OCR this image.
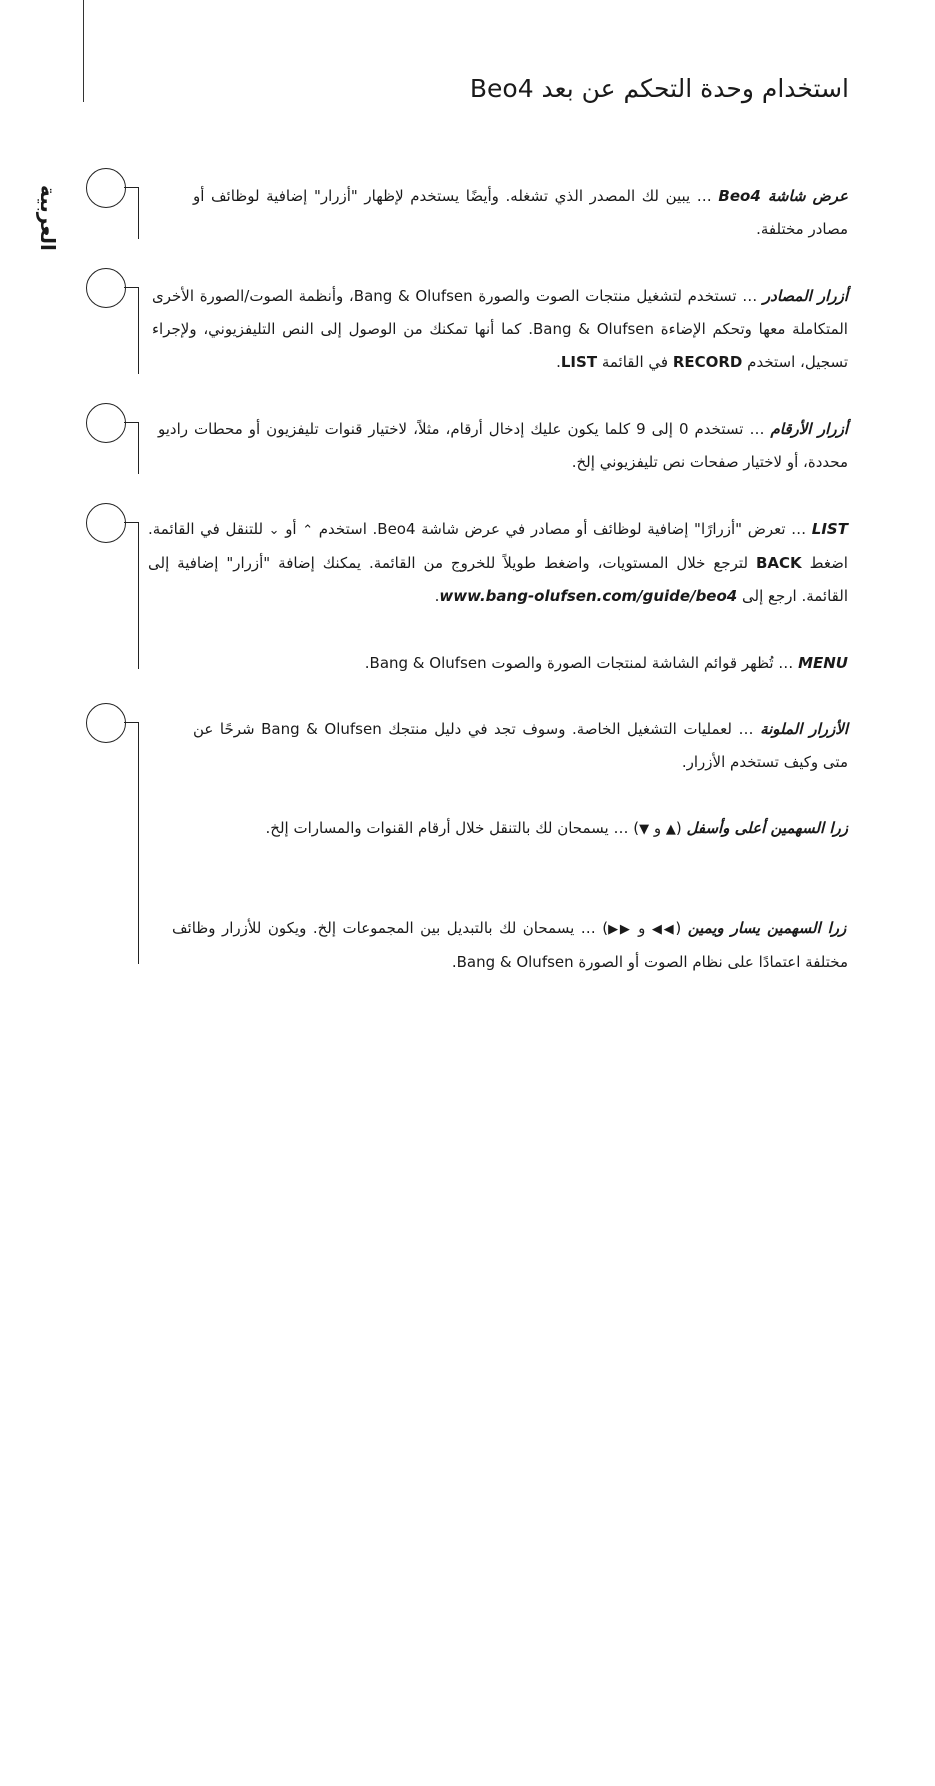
العربية
استخدام وحدة التحكم عن بعد Beo4

عرض شاشة Beo4 … يبين لك المصدر الذي تشغله. وأيضًا يستخدم لإظهار "أزرار" إضافية لوظائف أو مصادر مختلفة.

أزرار المصادر … تستخدم لتشغيل منتجات الصوت والصورة Bang & Olufsen، وأنظمة الصوت/الصورة الأخرى المتكاملة معها وتحكم الإضاءة Bang & Olufsen. كما أنها تمكنك من الوصول إلى النص التليفزيوني، ولإجراء تسجيل، استخدم RECORD في القائمة LIST.

أزرار الأرقام … تستخدم 0 إلى 9 كلما يكون عليك إدخال أرقام، مثلاً، لاختيار قنوات تليفزيون أو محطات راديو محددة، أو لاختيار صفحات نص تليفزيوني إلخ.

LIST … تعرض "أزرارًا" إضافية لوظائف أو مصادر في عرض شاشة Beo4. استخدم ⌃ أو ⌄ للتنقل في القائمة. اضغط BACK لترجع خلال المستويات، واضغط طويلاً للخروج من القائمة. يمكنك إضافة "أزرار" إضافية إلى القائمة. ارجع إلى www.bang-olufsen.com/guide/beo4.

MENU … تُظهر قوائم الشاشة لمنتجات الصورة والصوت Bang & Olufsen.

الأزرار الملونة … لعمليات التشغيل الخاصة. وسوف تجد في دليل منتجك Bang & Olufsen شرحًا عن متى وكيف تستخدم الأزرار.

زرا السهمين أعلى وأسفل (▲ و ▼) … يسمحان لك بالتنقل خلال أرقام القنوات والمسارات إلخ.

زرا السهمين يسار ويمين (◀◀ و ▶▶) … يسمحان لك بالتبديل بين المجموعات إلخ. ويكون للأزرار وظائف مختلفة اعتمادًا على نظام الصوت أو الصورة Bang & Olufsen.
